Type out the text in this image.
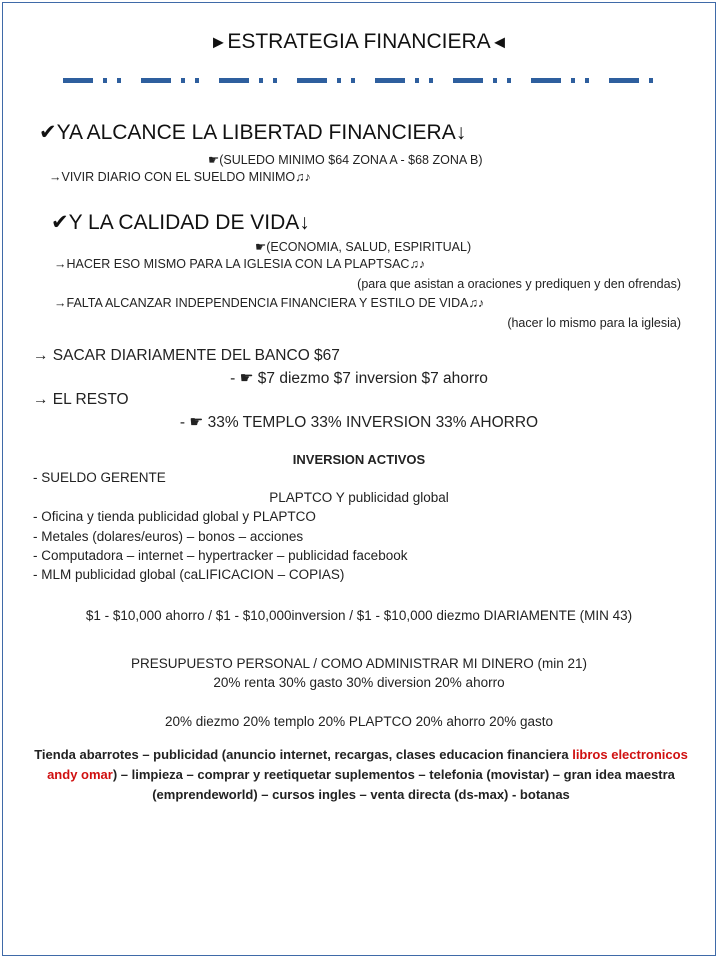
►ESTRATEGIA FINANCIERA◄
✔YA ALCANCE LA LIBERTAD FINANCIERA↓
☛(SULEDO MINIMO $64 ZONA A - $68 ZONA B)
→VIVIR DIARIO CON EL SUELDO MINIMO♫♪
✔Y LA CALIDAD DE VIDA↓
☛(ECONOMIA, SALUD, ESPIRITUAL)
→HACER ESO MISMO PARA LA IGLESIA CON LA PLAPTSAC♫♪
(para que asistan a oraciones y prediquen y den ofrendas)
→FALTA ALCANZAR INDEPENDENCIA FINANCIERA Y ESTILO DE VIDA♫♪
(hacer lo mismo para la iglesia)
→ SACAR DIARIAMENTE DEL BANCO $67
- ☛ $7 diezmo $7 inversion $7 ahorro
→ EL RESTO
- ☛ 33% TEMPLO 33% INVERSION 33% AHORRO
INVERSION ACTIVOS
- SUELDO GERENTE
PLAPTCO Y publicidad global
- Oficina y tienda publicidad global y PLAPTCO
- Metales (dolares/euros) – bonos – acciones
- Computadora – internet – hypertracker – publicidad facebook
- MLM publicidad global (caLIFICACION – COPIAS)
$1 - $10,000 ahorro / $1 - $10,000inversion / $1 - $10,000 diezmo DIARIAMENTE (MIN 43)
PRESUPUESTO PERSONAL / COMO ADMINISTRAR MI DINERO (min 21)
20% renta 30% gasto 30% diversion 20% ahorro
20% diezmo 20% templo 20% PLAPTCO 20% ahorro 20% gasto
Tienda abarrotes – publicidad (anuncio internet, recargas, clases educacion financiera libros electronicos andy omar) – limpieza – comprar y reetiquetar suplementos – telefonia (movistar) – gran idea maestra (emprendeworld) – cursos ingles – venta directa (ds-max) - botanas
